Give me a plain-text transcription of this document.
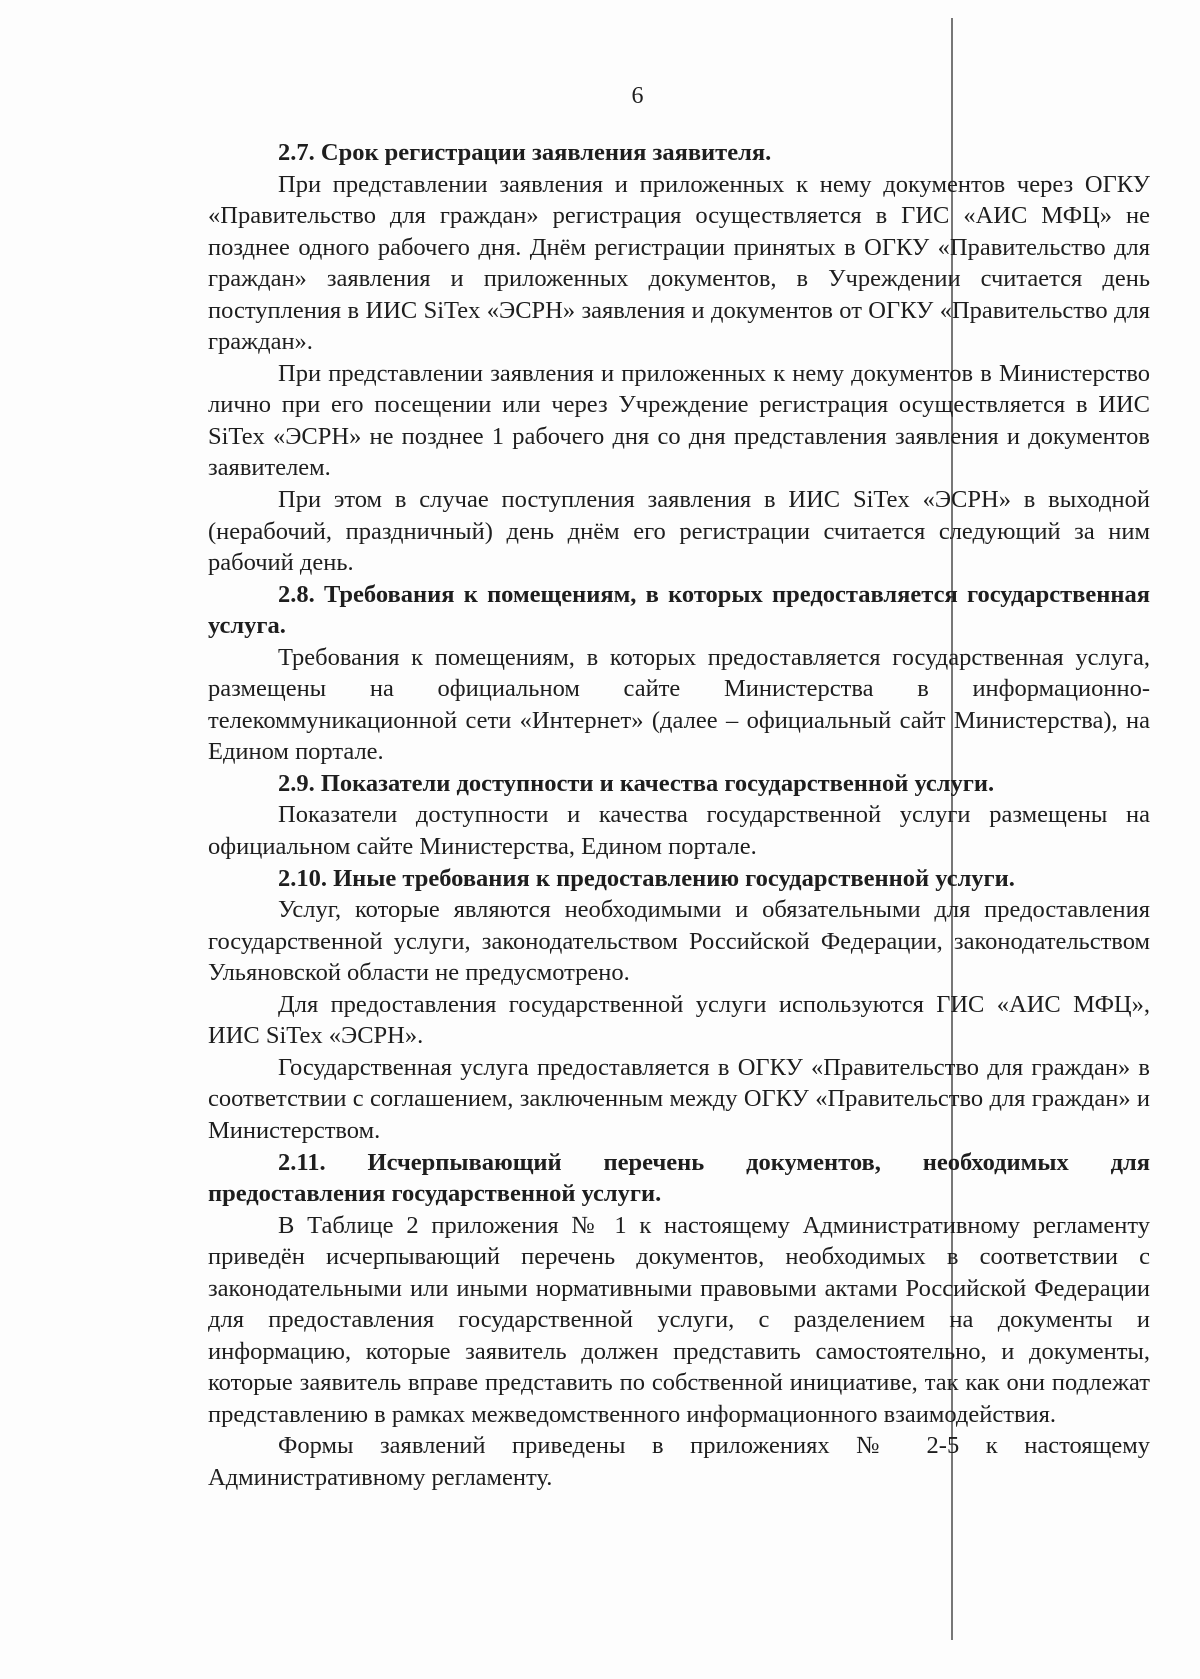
6

2.7. Срок регистрации заявления заявителя.

При представлении заявления и приложенных к нему документов через ОГКУ «Правительство для граждан» регистрация осуществляется в ГИС «АИС МФЦ» не позднее одного рабочего дня. Днём регистрации принятых в ОГКУ «Правительство для граждан» заявления и приложенных документов, в Учреждении считается день поступления в ИИС SiTex «ЭСРН» заявления и документов от ОГКУ «Правительство для граждан».

При представлении заявления и приложенных к нему документов в Министерство лично при его посещении или через Учреждение регистрация осуществляется в ИИС SiTex «ЭСРН» не позднее 1 рабочего дня со дня представления заявления и документов заявителем.

При этом в случае поступления заявления в ИИС SiTex «ЭСРН» в выходной (нерабочий, праздничный) день днём его регистрации считается следующий за ним рабочий день.

2.8. Требования к помещениям, в которых предоставляется государственная услуга.

Требования к помещениям, в которых предоставляется государственная услуга, размещены на официальном сайте Министерства в информационно-телекоммуникационной сети «Интернет» (далее – официальный сайт Министерства), на Едином портале.

2.9. Показатели доступности и качества государственной услуги.

Показатели доступности и качества государственной услуги размещены на официальном сайте Министерства, Едином портале.

2.10. Иные требования к предоставлению государственной услуги.

Услуг, которые являются необходимыми и обязательными для предоставления государственной услуги, законодательством Российской Федерации, законодательством Ульяновской области не предусмотрено.

Для предоставления государственной услуги используются ГИС «АИС МФЦ», ИИС SiTex «ЭСРН».

Государственная услуга предоставляется в ОГКУ «Правительство для граждан» в соответствии с соглашением, заключенным между ОГКУ «Правительство для граждан» и Министерством.

2.11. Исчерпывающий перечень документов, необходимых для предоставления государственной услуги.

В Таблице 2 приложения № 1 к настоящему Административному регламенту приведён исчерпывающий перечень документов, необходимых в соответствии с законодательными или иными нормативными правовыми актами Российской Федерации для предоставления государственной услуги, с разделением на документы и информацию, которые заявитель должен представить самостоятельно, и документы, которые заявитель вправе представить по собственной инициативе, так как они подлежат представлению в рамках межведомственного информационного взаимодействия.

Формы заявлений приведены в приложениях № 2-5 к настоящему Административному регламенту.
